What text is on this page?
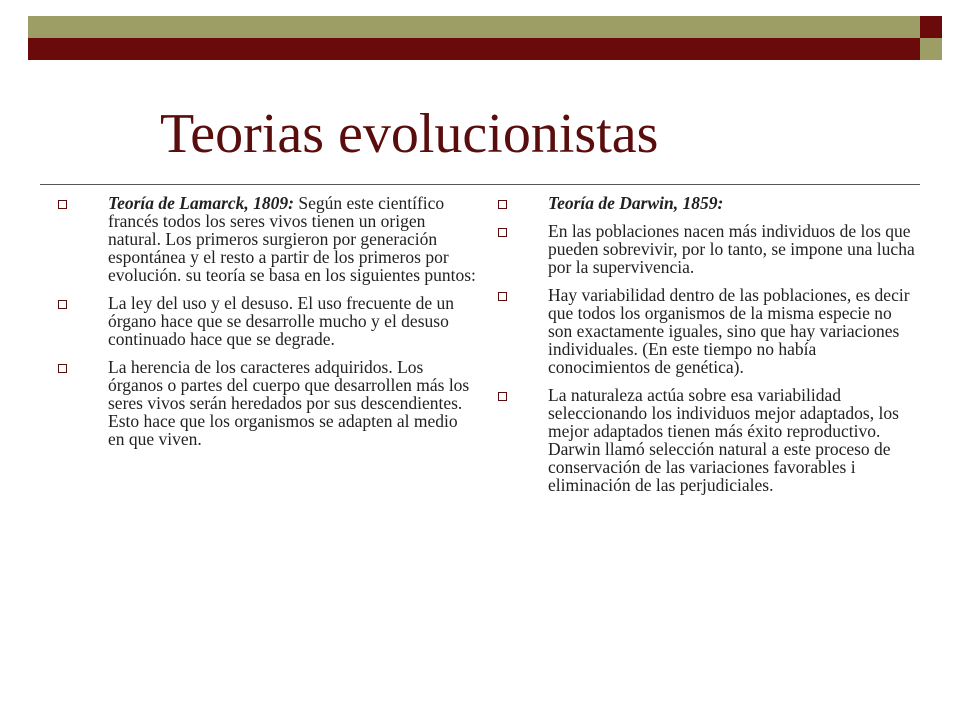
Teorias evolucionistas
Teoría de Lamarck, 1809: Según este científico francés todos los seres vivos tienen un origen natural. Los primeros surgieron por generación espontánea y el resto a partir de los primeros por evolución. su teoría se basa en los siguientes puntos:
La ley del uso y el desuso. El uso frecuente de un órgano hace que se desarrolle mucho y el desuso continuado hace que se degrade.
La herencia de los caracteres adquiridos. Los órganos o partes del cuerpo que desarrollen más los seres vivos serán heredados por sus descendientes. Esto hace que los organismos se adapten al medio en que viven.
Teoría de Darwin, 1859:
En las poblaciones nacen más individuos de los que pueden sobrevivir, por lo tanto, se impone una lucha por la supervivencia.
Hay variabilidad dentro de las poblaciones, es decir que todos los organismos de la misma especie no son exactamente iguales, sino que hay variaciones individuales. (En este tiempo no había conocimientos de genética).
La naturaleza actúa sobre esa variabilidad seleccionando los individuos mejor adaptados, los mejor adaptados tienen más éxito reproductivo. Darwin llamó selección natural a este proceso de conservación de las variaciones favorables i eliminación de las perjudiciales.
